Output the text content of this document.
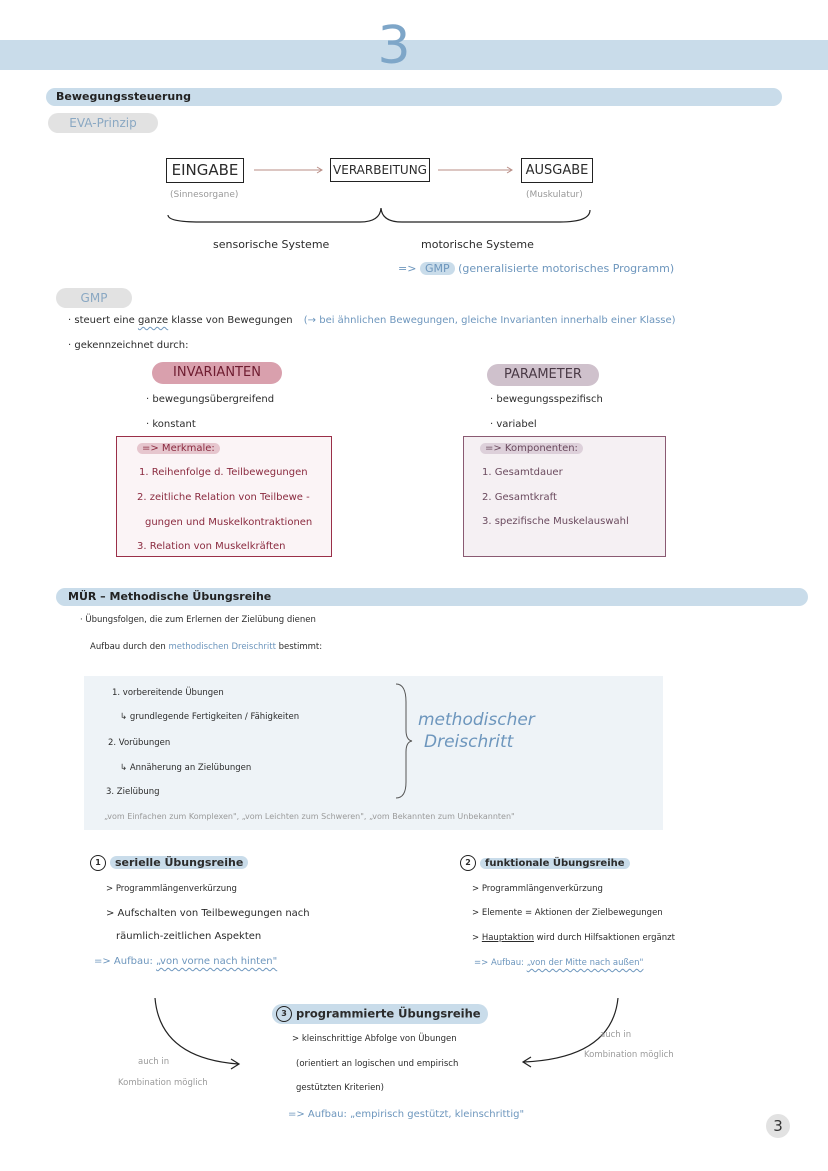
3
Bewegungssteuerung
EVA-Prinzip
EINGABE
(Sinnesorgane)
VERARBEITUNG	AUSGABE
(Muskulatur)
sensorische Systeme	motorische Systeme
=> GMP (generalisierte motorisches Programm)
GMP
· steuert eine ganze klasse von Bewegungen (→ bei ähnlichen Bewegungen, gleiche Invarianten innerhalb einer Klasse)
· gekennzeichnet durch:
INVARIANTEN
· bewegungsübergreifend
· konstant
=> Merkmale:
1. Reihenfolge d. Teilbewegungen
2. zeitliche Relation von Teilbewe -
gungen und Muskelkontraktionen
3. Relation von Muskelkräften
PARAMETER
· bewegungsspezifisch
· variabel
=> Komponenten:
1. Gesamtdauer
2. Gesamtkraft
3. spezifische Muskelauswahl
MÜR – Methodische Übungsreihe
· Übungsfolgen, die zum Erlernen der Zielübung dienen
Aufbau durch den methodischen Dreischritt bestimmt:
1. vorbereitende Übungen
↳ grundlegende Fertigkeiten / Fähigkeiten
2. Vorübungen
↳ Annäherung an Zielübungen
3. Zielübung
methodischer
Dreischritt
„vom Einfachen zum Komplexen", „vom Leichten zum Schweren", „vom Bekannten zum Unbekannten"
1 serielle Übungsreihe
> Programmlängenverkürzung
> Aufschalten von Teilbewegungen nach
räumlich-zeitlichen Aspekten
=> Aufbau: „von vorne nach hinten"
2 funktionale Übungsreihe
> Programmlängenverkürzung
> Elemente = Aktionen der Zielbewegungen
> Hauptaktion wird durch Hilfsaktionen ergänzt
=> Aufbau: „von der Mitte nach außen"
auch in
Kombination möglich
auch in
Kombination möglich
3 programmierte Übungsreihe
> kleinschrittige Abfolge von Übungen
(orientiert an logischen und empirisch
gestützten Kriterien)
=> Aufbau: „empirisch gestützt, kleinschrittig"
3
